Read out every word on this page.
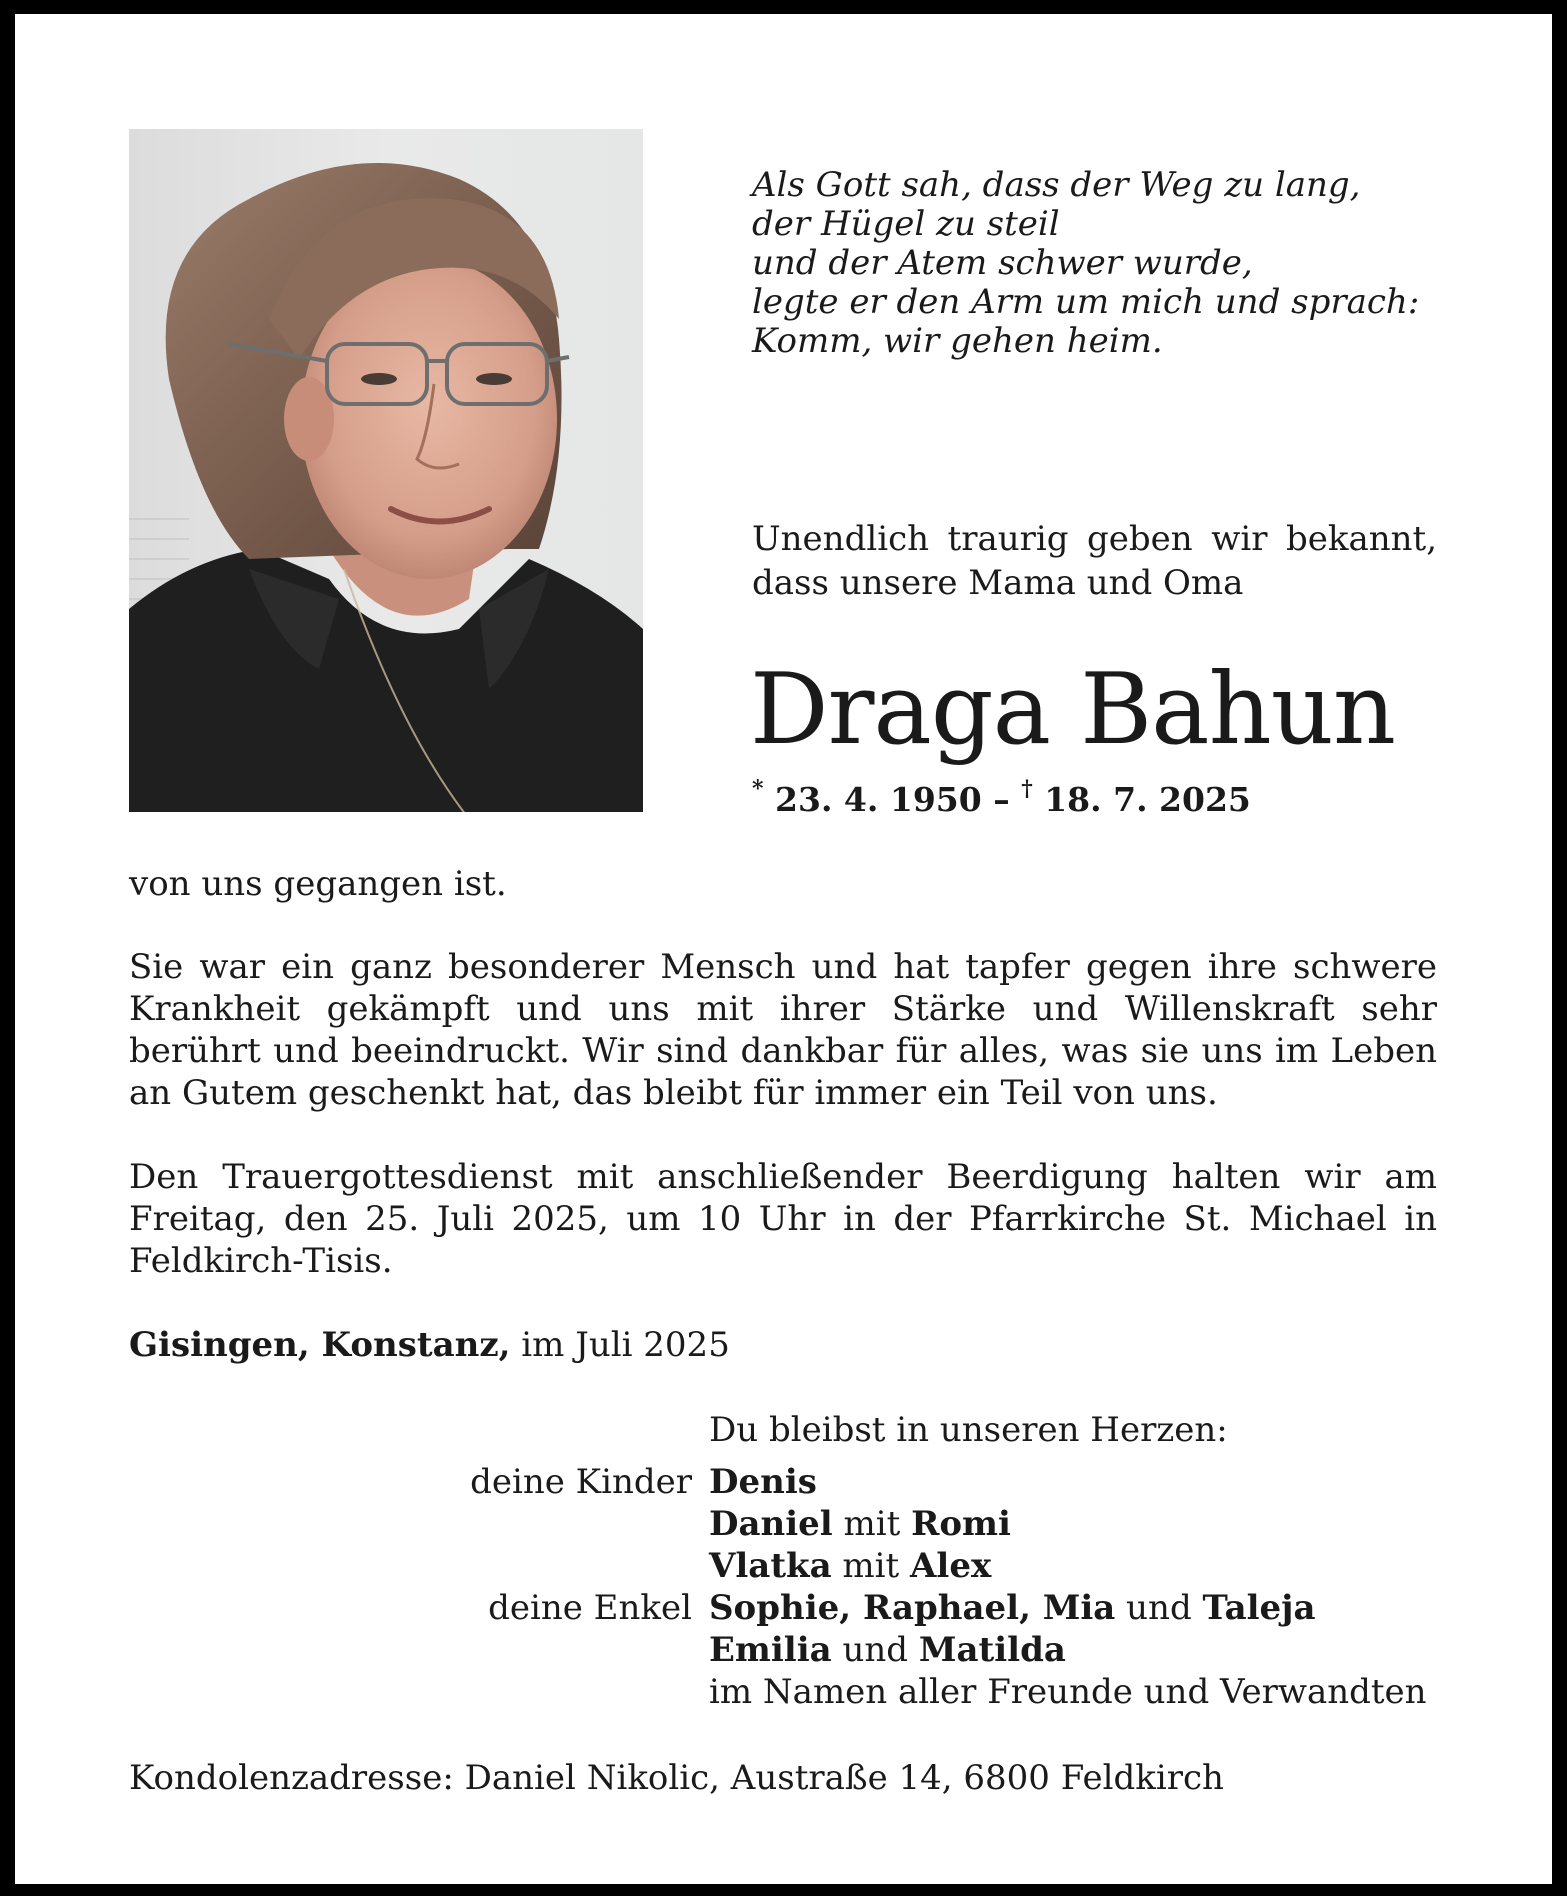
Als Gott sah, dass der Weg zu lang,
der Hügel zu steil
und der Atem schwer wurde,
legte er den Arm um mich und sprach:
Komm, wir gehen heim.
Unendlich traurig geben wir bekannt,
dass unsere Mama und Oma
Draga Bahun
* 23. 4. 1950 – † 18. 7. 2025
von uns gegangen ist.
Sie war ein ganz besonderer Mensch und hat tapfer gegen ihre schwere Krankheit gekämpft und uns mit ihrer Stärke und Willenskraft sehr berührt und beeindruckt. Wir sind dankbar für alles, was sie uns im Leben an Gutem geschenkt hat, das bleibt für immer ein Teil von uns.
Den Trauergottesdienst mit anschließender Beerdigung halten wir am Freitag, den 25. Juli 2025, um 10 Uhr in der Pfarrkirche St. Michael in Feldkirch-Tisis.
Gisingen, Konstanz, im Juli 2025
Du bleibst in unseren Herzen:
deine Kinder Denis
Daniel mit Romi
Vlatka mit Alex
deine Enkel Sophie, Raphael, Mia und Taleja
Emilia und Matilda
im Namen aller Freunde und Verwandten
Kondolenzadresse: Daniel Nikolic, Austraße 14, 6800 Feldkirch
